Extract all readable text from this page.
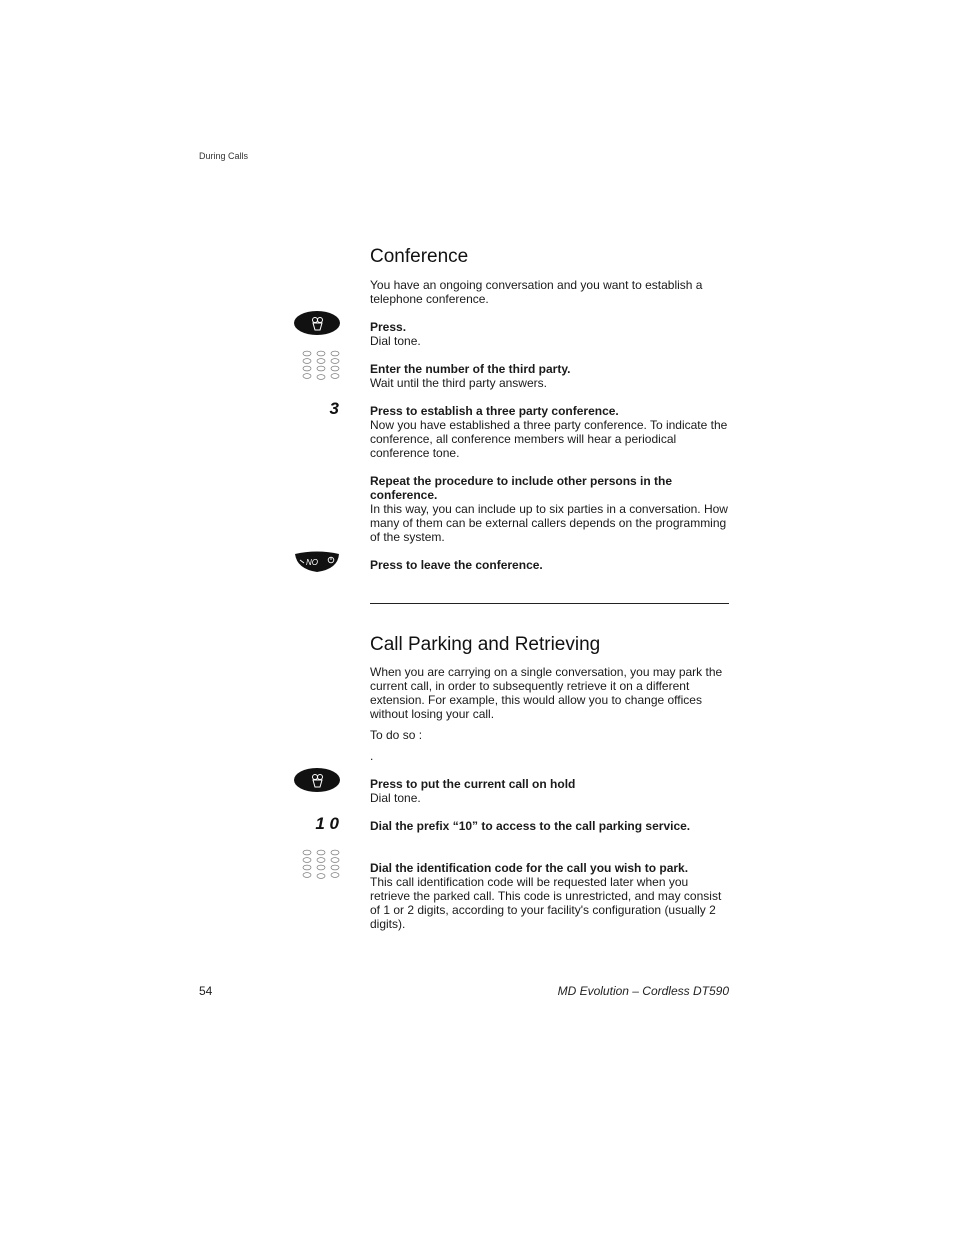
During Calls
Conference
You have an ongoing conversation and you want to establish a telephone conference.
Press.
Dial tone.
Enter the number of the third party.
Wait until the third party answers.
3	Press to establish a three party conference.
Now you have established a three party conference. To indicate the conference, all conference members will hear a periodical conference tone.
Repeat the procedure to include other persons in the conference.
In this way, you can include up to six parties in a conversation. How many of them can be external callers depends on the programming of the system.
NO	Press to leave the conference.
Call Parking and Retrieving
When you are carrying on a single conversation, you may park the current call, in order to subsequently retrieve it on a different extension. For example, this would allow you to change offices without losing your call.
To do so :
.
Press to put the current call on hold
Dial tone.
1 0	Dial the prefix “10” to access to the call parking service.
Dial the identification code for the call you wish to park.
This call identification code will be requested later when you retrieve the parked call. This code is unrestricted, and may consist of 1 or 2 digits, according to your facility's configuration (usually 2 digits).
54	MD Evolution – Cordless DT590
